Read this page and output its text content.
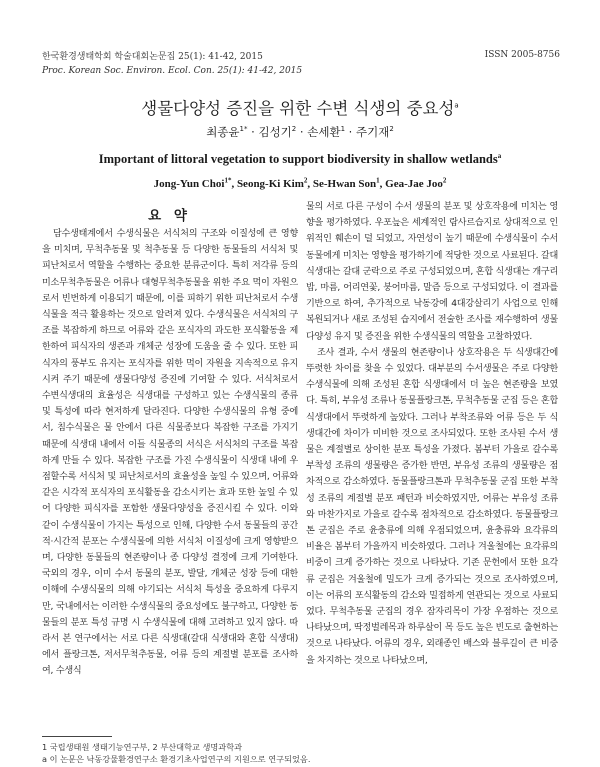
한국환경생태학회 학술대회논문집 25(1): 41-42, 2015
Proc. Korean Soc. Environ. Ecol. Con. 25(1): 41-42, 2015
ISSN 2005-8756
생물다양성 증진을 위한 수변 식생의 중요성$^a$
최종윤$^{1*}$ · 김성기$^2$ · 손세환$^1$ · 주기재$^2$
Important of littoral vegetation to support biodiversity in shallow wetlands$^a$
Jong-Yun Choi$^{1*}$, Seong-Ki Kim$^2$, Se-Hwan Son$^1$, Gea-Jae Joo$^2$
요 약

담수생태계에서 수생식물은 서식처의 구조와 이질성에 큰 영향을 미치며, 무척추동물 및 척추동물 등 다양한 동물들의 서식처 및 피난처로서 역할을 수행하는 중요한 분류군이다. 특히 저각류 등의 미소무척추동물은 어류나 대형무척추동물을 위한 주요 먹이 자원으로서 빈번하게 이용되기 때문에, 이를 피하기 위한 피난처로서 수생식물을 적극 활용하는 것으로 알려져 있다. 수생식물은 서식처의 구조를 복잡하게 하므로 어류와 같은 포식자의 과도한 포식활동을 제한하여 피식자의 생존과 개체군 성장에 도움을 줄 수 있다. 또한 피식자의 풍부도 유지는 포식자를 위한 먹이 자원을 지속적으로 유지시켜 주기 때문에 생물다양성 증진에 기여할 수 있다. 서식처로서 수변식생대의 효율성은 식생대를 구성하고 있는 수생식물의 종류 및 특성에 따라 현저하게 달라진다. 다양한 수생식물의 유형 중에서, 침수식물은 물 안에서 다른 식물종보다 복잡한 구조를 가지기 때문에 식생대 내에서 이들 식물종의 서식은 서식처의 구조를 복잡하게 만들 수 있다. 복잡한 구조를 가진 수생식물이 식생대 내에 우점할수록 서식처 및 피난처로서의 효율성을 높일 수 있으며, 어류와 같은 시각적 포식자의 포식활동을 감소시키는 효과 또한 높일 수 있어 다양한 피식자를 포함한 생물다양성을 증진시킬 수 있다. 이와 같이 수생식물이 가지는 특성으로 인해, 다양한 수서 동물들의 공간적·시간적 분포는 수생식물에 의한 서식처 이질성에 크게 영향받으며, 다양한 동물들의 현존량이나 종 다양성 결정에 크게 기여한다. 국외의 경우, 이미 수서 동물의 분포, 발달, 개체군 성장 등에 대한 이해에 수생식물의 의해 야기되는 서식처 특성을 중요하게 다루지만, 국내에서는 이러한 수생식물의 중요성에도 불구하고, 다양한 동물들의 분포 특성 규명 시 수생식물에 대해 고려하고 있지 않다. 따라서 본 연구에서는 서로 다른 식생대(갈대 식생대와 혼합 식생대)에서 플랑크톤, 저서무척추동물, 어류 등의 계절별 분포를 조사하여, 수생식

물의 서로 다른 구성이 수서 생물의 분포 및 상호작용에 미치는 영향을 평가하였다. 우포늪은 세계적인 람사르습지로 상대적으로 인위적인 훼손이 덜 되었고, 자연성이 높기 때문에 수생식물이 수서동물에게 미치는 영향을 평가하기에 적당한 것으로 사료된다. 갈대 식생대는 갈대 군락으로 주로 구성되었으며, 혼합 식생대는 개구리밥, 마름, 어리연꽃, 붕어마름, 말즘 등으로 구성되었다. 이 결과를 기반으로 하여, 추가적으로 낙동강에 4대강살리기 사업으로 인해 복원되거나 새로 조성된 습지에서 전술한 조사를 재수행하여 생물다양성 유지 및 증진을 위한 수생식물의 역할을 고찰하였다.

조사 결과, 수서 생물의 현존량이나 상호작용은 두 식생대간에 뚜렷한 차이를 찾을 수 있었다. 대부분의 수서생물은 주로 다양한 수생식물에 의해 조성된 혼합 식생대에서 더 높은 현존량을 보였다. 특히, 부유성 조류나 동물플랑크톤, 무척추동물 군집 등은 혼합 식생대에서 뚜렷하게 높았다. 그러나 부착조류와 어류 등은 두 식생대간에 차이가 미비한 것으로 조사되었다. 또한 조사된 수서 생물은 계절별로 상이한 분포 특성을 가졌다. 봄부터 가을로 갈수록 부착성 조류의 생물량은 증가한 반면, 부유성 조류의 생물량은 점차적으로 감소하였다. 동물플랑크톤과 무척추동물 군집 또한 부착성 조류의 계절별 분포 패턴과 비슷하였지만, 어류는 부유성 조류와 마찬가지로 가을로 갈수록 점차적으로 감소하였다. 동물플랑크톤 군집은 주로 윤충류에 의해 우점되었으며, 윤충류와 요각류의 비율은 봄부터 가을까지 비슷하였다. 그러나 겨울철에는 요각류의 비중이 크게 증가하는 것으로 나타났다. 기존 문헌에서 또한 요각류 군집은 겨울철에 밀도가 크게 증가되는 것으로 조사하였으며, 이는 어류의 포식활동의 감소와 밀접하게 연관되는 것으로 사료되었다. 무척추동물 군집의 경우 잠자리목이 가장 우점하는 것으로 나타났으며, 딱정벌레목과 하루살이 목 등도 높은 빈도로 출현하는 것으로 나타났다. 어류의 경우, 외래종인 배스와 블루길이 큰 비중을 차지하는 것으로 나타났으며,

1 국립생태원 생태기능연구부, 2 부산대학교 생명과학과
a 이 논문은 낙동강물환경연구소 환경기초사업연구의 지원으로 연구되었음.
